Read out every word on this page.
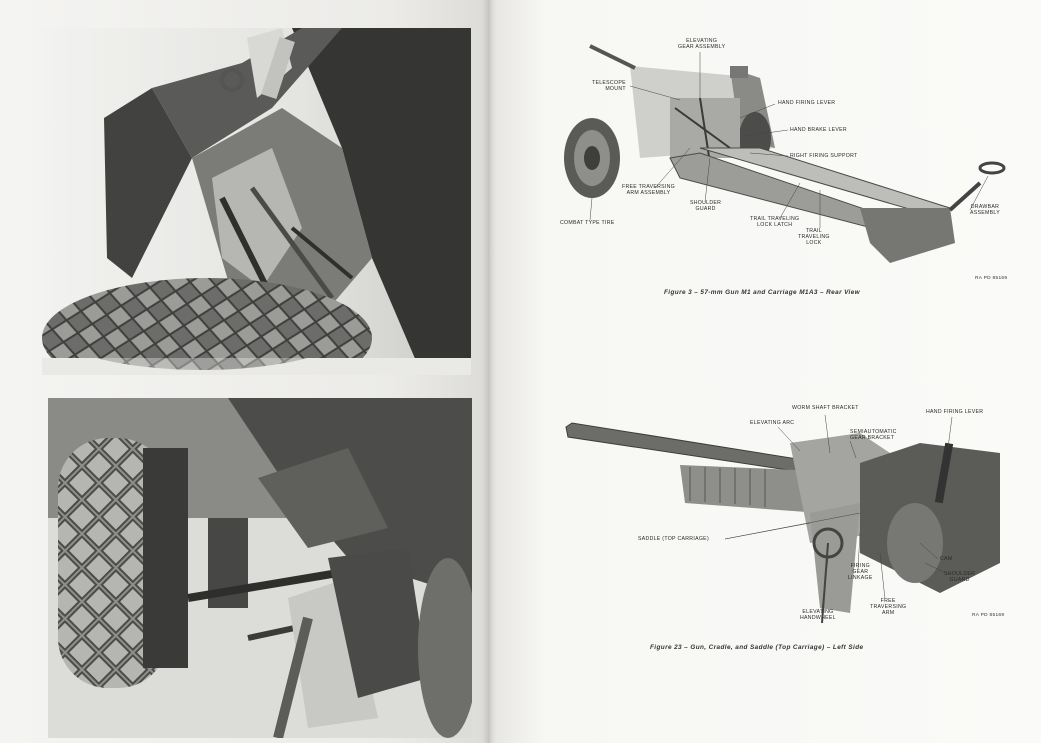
ELEVATING
GEAR ASSEMBLY
TELESCOPE
MOUNT
HAND FIRING LEVER
HAND BRAKE LEVER
RIGHT FIRING SUPPORT
FREE TRAVERSING
ARM ASSEMBLY
SHOULDER
GUARD
COMBAT TYPE TIRE
TRAIL TRAVELING
LOCK LATCH
TRAIL
TRAVELING
LOCK
DRAWBAR
ASSEMBLY
RA PD 85169
Figure 3 – 57-mm Gun M1 and Carriage M1A3 – Rear View
WORM SHAFT BRACKET
HAND FIRING LEVER
ELEVATING ARC
SEMIAUTOMATIC
GEAR BRACKET
SADDLE (TOP CARRIAGE)
CAM
SHOULDER
GUARD
FIRING
GEAR
LINKAGE
FREE
TRAVERSING
ARM
ELEVATING
HANDWHEEL	RA PD 85169
Figure 23 – Gun, Cradle, and Saddle (Top Carriage) – Left Side
